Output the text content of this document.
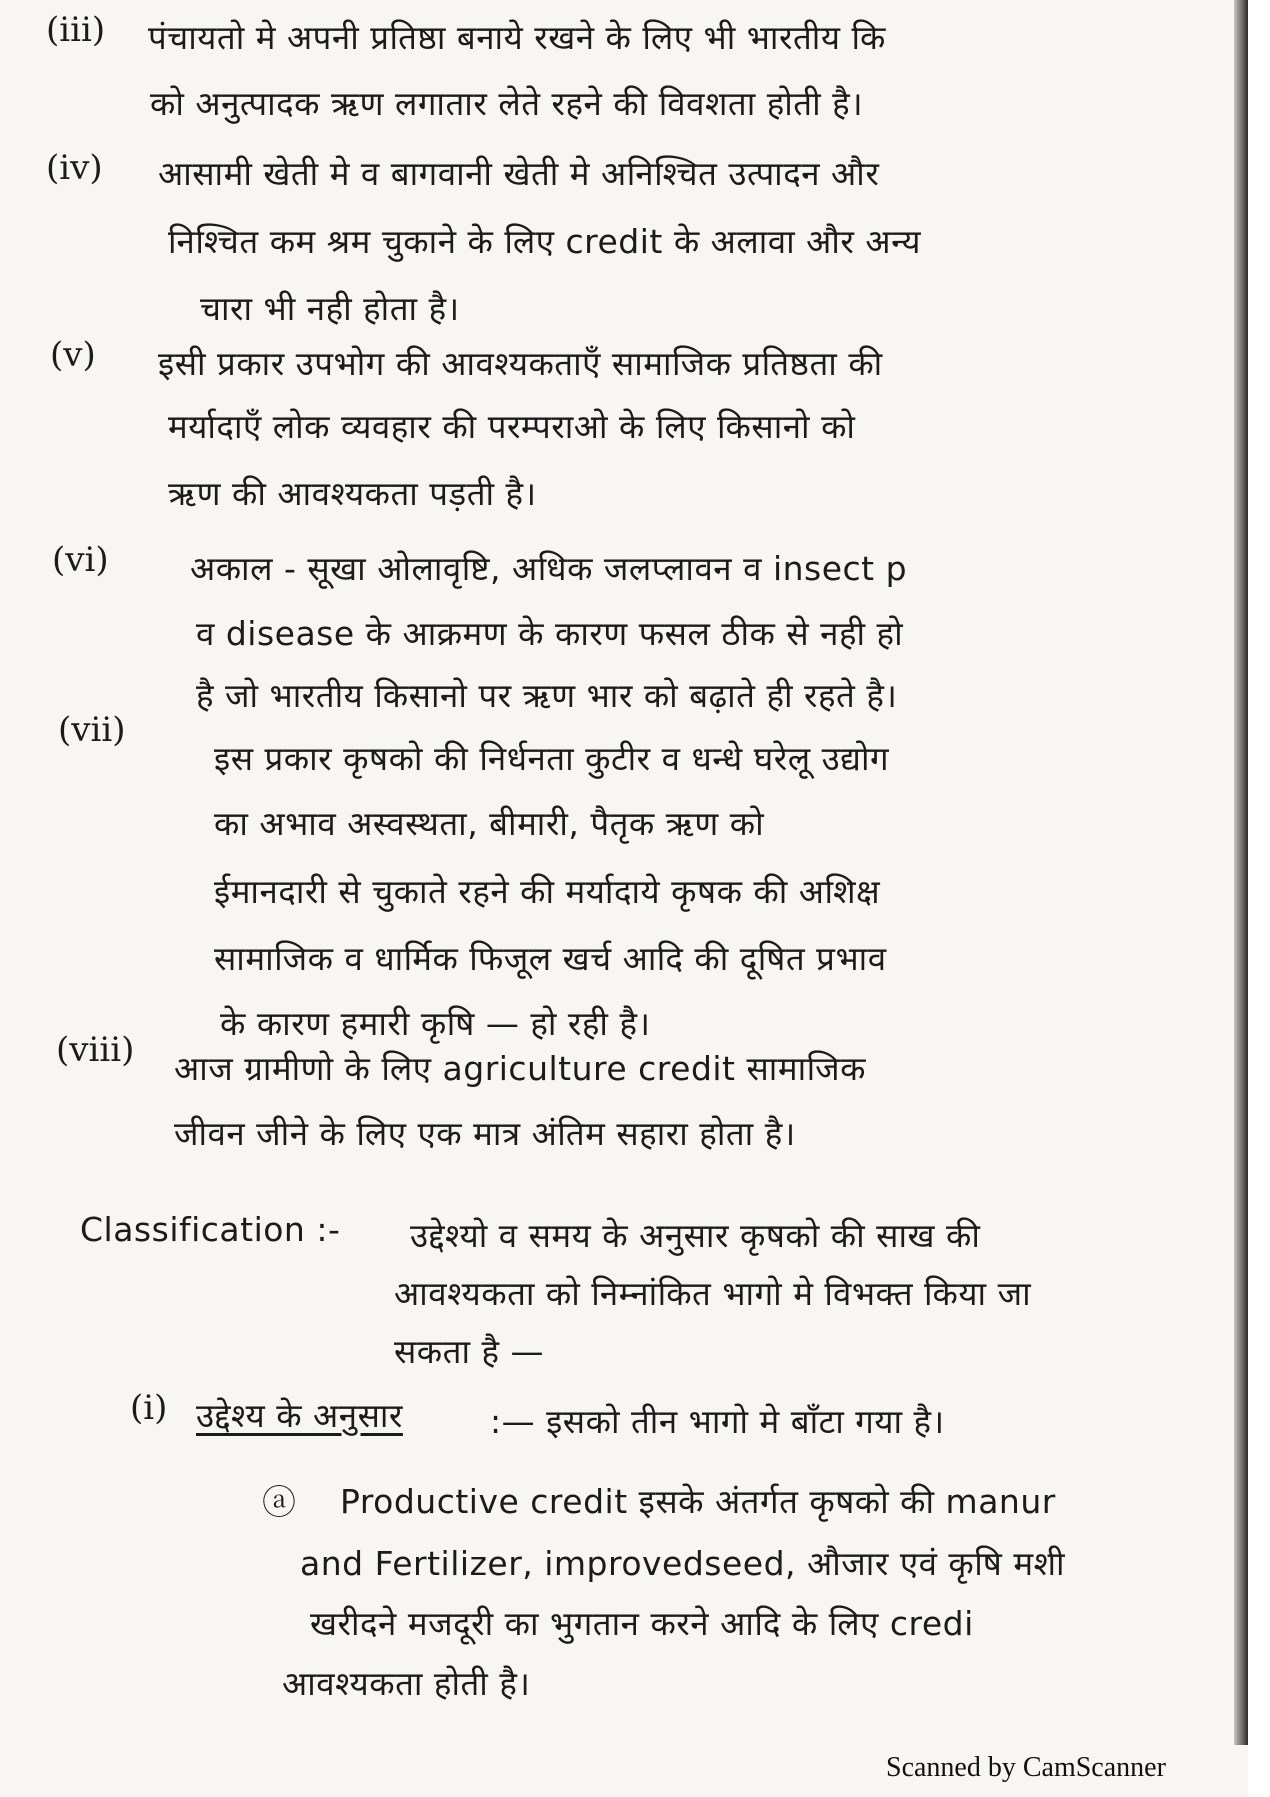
(iii) पंचायतो मे अपनी प्रतिष्ठा बनाये रखने के लिए भी भारतीय कि
को अनुत्पादक ऋण लगातार लेते रहने की विवशता होती है।
(iv) आसामी खेती मे व बागवानी खेती मे अनिश्चित उत्पादन और
निश्चित कम श्रम चुकाने के लिए credit के अलावा और अन्य
चारा भी नही होता है।
(v) इसी प्रकार उपभोग की आवश्यकताएँ सामाजिक प्रतिष्ठता की
मर्यादाएँ लोक व्यवहार की परम्पराओ के लिए किसानो को
ऋण की आवश्यकता पड़ती है।
(vi) अकाल - सूखा ओलावृष्टि, अधिक जलप्लावन व insect p
व disease के आक्रमण के कारण फसल ठीक से नही हो
है जो भारतीय किसानो पर ऋण भार को बढ़ाते ही रहते है।
(vii)
इस प्रकार कृषको की निर्धनता कुटीर व धन्धे घरेलू उद्योग
का अभाव अस्वस्थता, बीमारी, पैतृक ऋण को
ईमानदारी से चुकाते रहने की मर्यादाये कृषक की अशिक्ष
सामाजिक व धार्मिक फिजूल खर्च आदि की दूषित प्रभाव
के कारण हमारी कृषि — हो रही है।
(viii) आज ग्रामीणो के लिए agriculture credit सामाजिक
जीवन जीने के लिए एक मात्र अंतिम सहारा होता है।
Classification :- उद्देश्यो व समय के अनुसार कृषको की साख की
आवश्यकता को निम्नांकित भागो मे विभक्त किया जा
सकता है —
(i) उद्देश्य के अनुसार	:— इसको तीन भागो मे बाँटा गया है।
ⓐ Productive credit इसके अंतर्गत कृषको की manur
and Fertilizer, improvedseed, औजार एवं कृषि मशी
खरीदने मजदूरी का भुगतान करने आदि के लिए credi
आवश्यकता होती है।
Scanned by CamScanner
